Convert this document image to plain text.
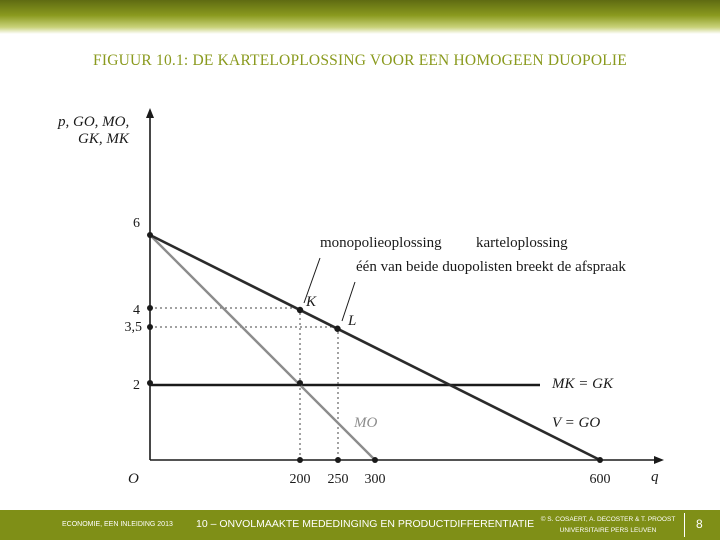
FIGUUR 10.1: DE KARTELOPLOSSING VOOR EEN HOMOGEEN DUOPOLIE
p, GO, MO,
GK, MK
6
4
3,5
2
O	200 250 300	600	q
K
L
monopolieoplossing karteloplossing
één van beide duopolisten breekt de afspraak
MK = GK
MO	V = GO
ECONOMIE, EEN INLEIDING 2013 10 – ONVOLMAAKTE MEDEDINGING EN PRODUCTDIFFERENTIATIE	© S. COSAERT, A. DECOSTER & T. PROOST
UNIVERSITAIRE PERS LEUVEN	8
